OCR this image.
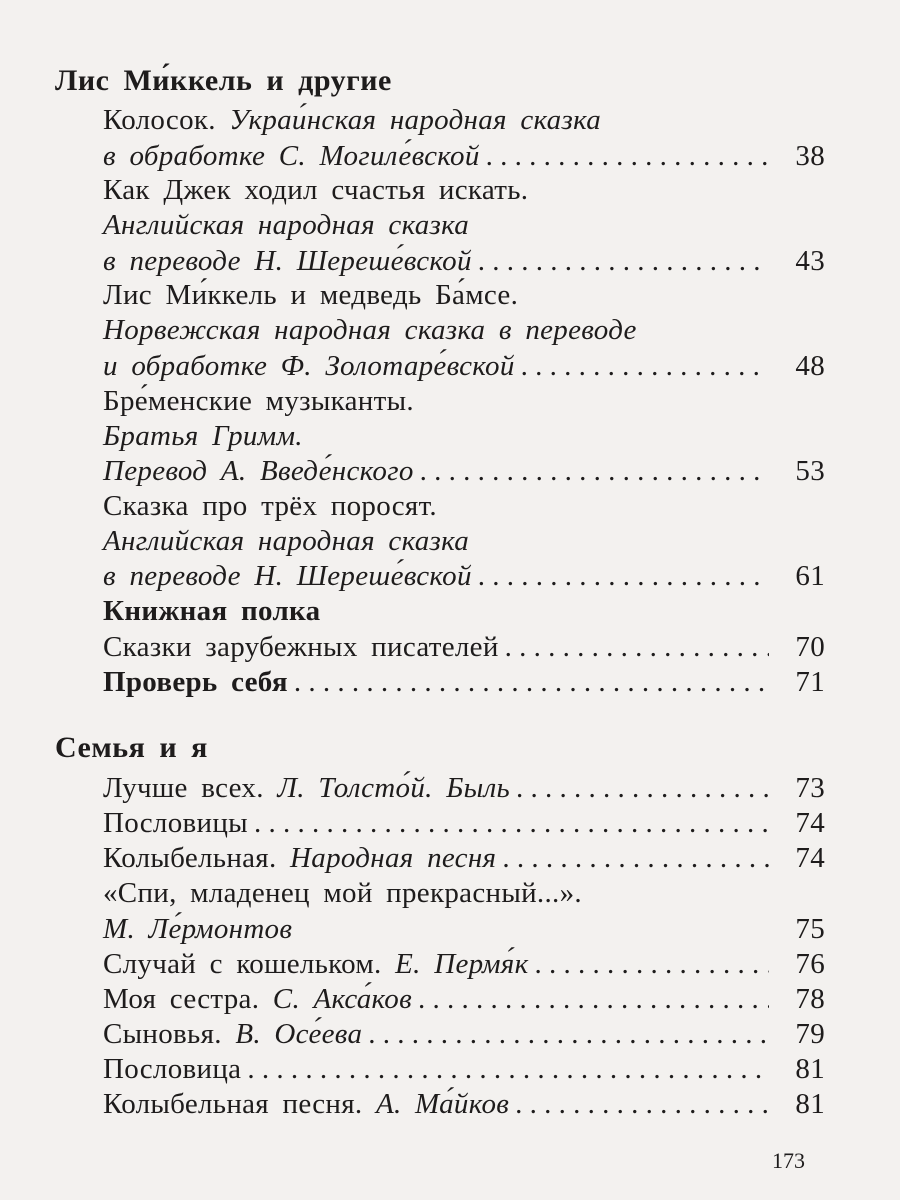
Лис Ми́ккель и другие
Колосок. Украи́нская народная сказка
в обработке С. Могиле́вской . . .	38
Как Джек ходил счастья искать.
Английская народная сказка
в переводе Н. Шереше́вской . . .	43
Лис Ми́ккель и медведь Ба́мсе.
Норвежская народная сказка в переводе
и обработке Ф. Золотаре́вской . . .	48
Бре́менские музыканты.
Братья Гримм.
Перевод А. Введе́нского . . .	53
Сказка про трёх поросят.
Английская народная сказка
в переводе Н. Шереше́вской . . .	61
Книжная полка
Сказки зарубежных писателей . . .	70
Проверь себя . . .	71
Семья и я
Лучше всех. Л. Толсто́й. Быль . . .	73
Пословицы . . .	74
Колыбельная. Народная песня . . .	74
«Спи, младенец мой прекрасный...».
М. Ле́рмонтов	75
Случай с кошельком. Е. Пермя́к . . .	76
Моя сестра. С. Акса́ков . . .	78
Сыновья. В. Осе́ева . . .	79
Пословица . . .	81
Колыбельная песня. А. Ма́йков . . .	81
173
